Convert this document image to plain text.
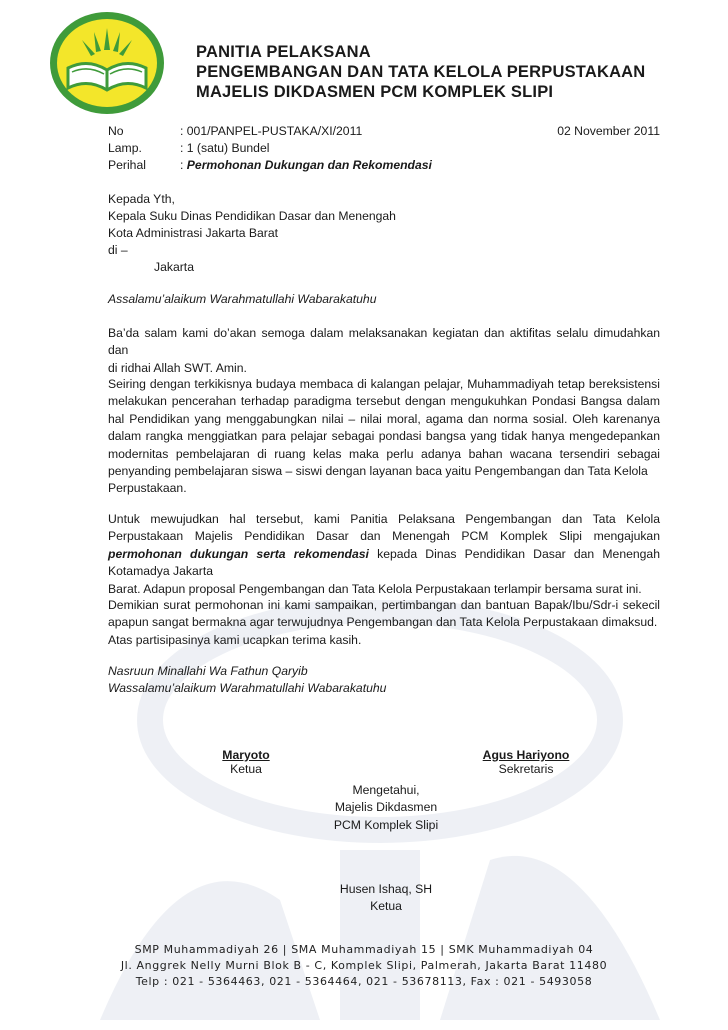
PANITIA PELAKSANA
PENGEMBANGAN DAN TATA KELOLA PERPUSTAKAAN
MAJELIS DIKDASMEN PCM KOMPLEK SLIPI
No	: 001/PANPEL-PUSTAKA/XI/2011	02 November 2011
Lamp.	: 1 (satu) Bundel
Perihal	: Permohonan Dukungan dan Rekomendasi
Kepada Yth,
Kepala Suku Dinas Pendidikan Dasar dan Menengah
Kota Administrasi Jakarta Barat
di –
Jakarta
Assalamu’alaikum Warahmatullahi Wabarakatuhu

Ba’da salam kami do’akan semoga dalam melaksanakan kegiatan dan aktifitas selalu dimudahkan dan
di ridhai Allah SWT. Amin.

Seiring dengan terkikisnya budaya membaca di kalangan pelajar, Muhammadiyah tetap bereksistensi melakukan pencerahan terhadap paradigma tersebut dengan mengukuhkan Pondasi Bangsa dalam hal Pendidikan yang menggabungkan nilai – nilai moral, agama dan norma sosial. Oleh karenanya dalam rangka menggiatkan para pelajar sebagai pondasi bangsa yang tidak hanya mengedepankan modernitas pembelajaran di ruang kelas maka perlu adanya bahan wacana tersendiri sebagai penyanding pembelajaran siswa – siswi dengan layanan baca yaitu Pengembangan dan Tata Kelola
Perpustakaan.

Untuk mewujudkan hal tersebut, kami Panitia Pelaksana Pengembangan dan Tata Kelola Perpustakaan Majelis Pendidikan Dasar dan Menengah PCM Komplek Slipi mengajukan permohonan dukungan serta rekomendasi kepada Dinas Pendidikan Dasar dan Menengah Kotamadya Jakarta
Barat. Adapun proposal Pengembangan dan Tata Kelola Perpustakaan terlampir bersama surat ini.

Demikian surat permohonan ini kami sampaikan, pertimbangan dan bantuan Bapak/Ibu/Sdr-i sekecil apapun sangat bermakna agar terwujudnya Pengembangan dan Tata Kelola Perpustakaan dimaksud.
Atas partisipasinya kami ucapkan terima kasih.

Nasruun Minallahi Wa Fathun Qaryib
Wassalamu’alaikum Warahmatullahi Wabarakatuhu
Maryoto
Ketua
Agus Hariyono
Sekretaris
Mengetahui,
Majelis Dikdasmen
PCM Komplek Slipi
Husen Ishaq, SH
Ketua
SMP Muhammadiyah 26 | SMA Muhammadiyah 15 | SMK Muhammadiyah 04
Jl. Anggrek Nelly Murni Blok B - C, Komplek Slipi, Palmerah, Jakarta Barat 11480
Telp : 021 - 5364463, 021 - 5364464, 021 - 53678113, Fax : 021 - 5493058
